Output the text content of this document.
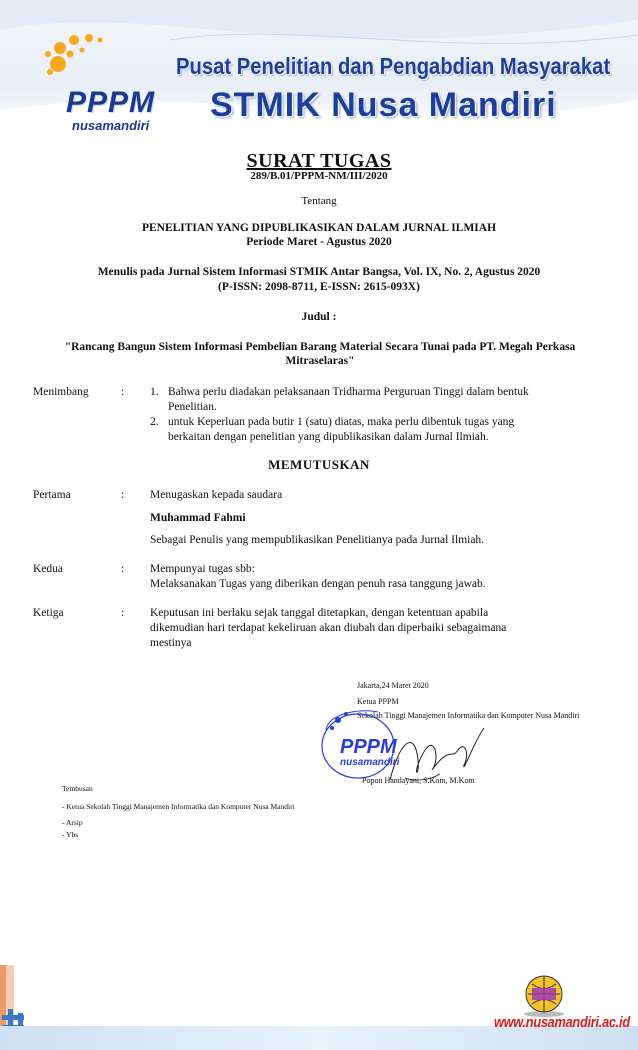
PPPM
nusamandiri
Pusat Penelitian dan Pengabdian Masyarakat
STMIK Nusa Mandiri
SURAT TUGAS
289/B.01/PPPM-NM/III/2020
Tentang
PENELITIAN YANG DIPUBLIKASIKAN DALAM JURNAL ILMIAH
Periode Maret - Agustus 2020
Menulis pada Jurnal Sistem Informasi STMIK Antar Bangsa, Vol. IX, No. 2, Agustus 2020
(P-ISSN: 2098-8711, E-ISSN: 2615-093X)
Judul :
"Rancang Bangun Sistem Informasi Pembelian Barang Material Secara Tunai pada PT. Megah Perkasa Mitraselaras"
Menimbang	: 1. Bahwa perlu diadakan pelaksanaan Tridharma Perguruan Tinggi dalam bentuk
Penelitian.
2. untuk Keperluan pada butir 1 (satu) diatas, maka perlu dibentuk tugas yang
berkaitan dengan penelitian yang dipublikasikan dalam Jurnal Ilmiah.
MEMUTUSKAN
Pertama	: Menugaskan kepada saudara
Muhammad Fahmi
Sebagai Penulis yang mempublikasikan Penelitianya pada Jurnal Ilmiah.
Kedua	: Mempunyai tugas sbb:
Melaksanakan Tugas yang diberikan dengan penuh rasa tanggung jawab.
Ketiga	: Keputusan ini berlaku sejak tanggal ditetapkan, dengan ketentuan apabila
dikemudian hari terdapat kekeliruan akan diubah dan diperbaiki sebagaimana
mestinya
Jakarta,24 Maret 2020
Ketua PPPM
Sekolah Tinggi Manajemen Informatika dan Komputer Nusa Mandiri
PPPM
nusamandiri
Popon Handayani, S.Kom, M.Kom
Tembusan
- Ketua Sekolah Tinggi Manajemen Informatika dan Komputer Nusa Mandiri
- Arsip
- Ybs
www.nusamandiri.ac.id
